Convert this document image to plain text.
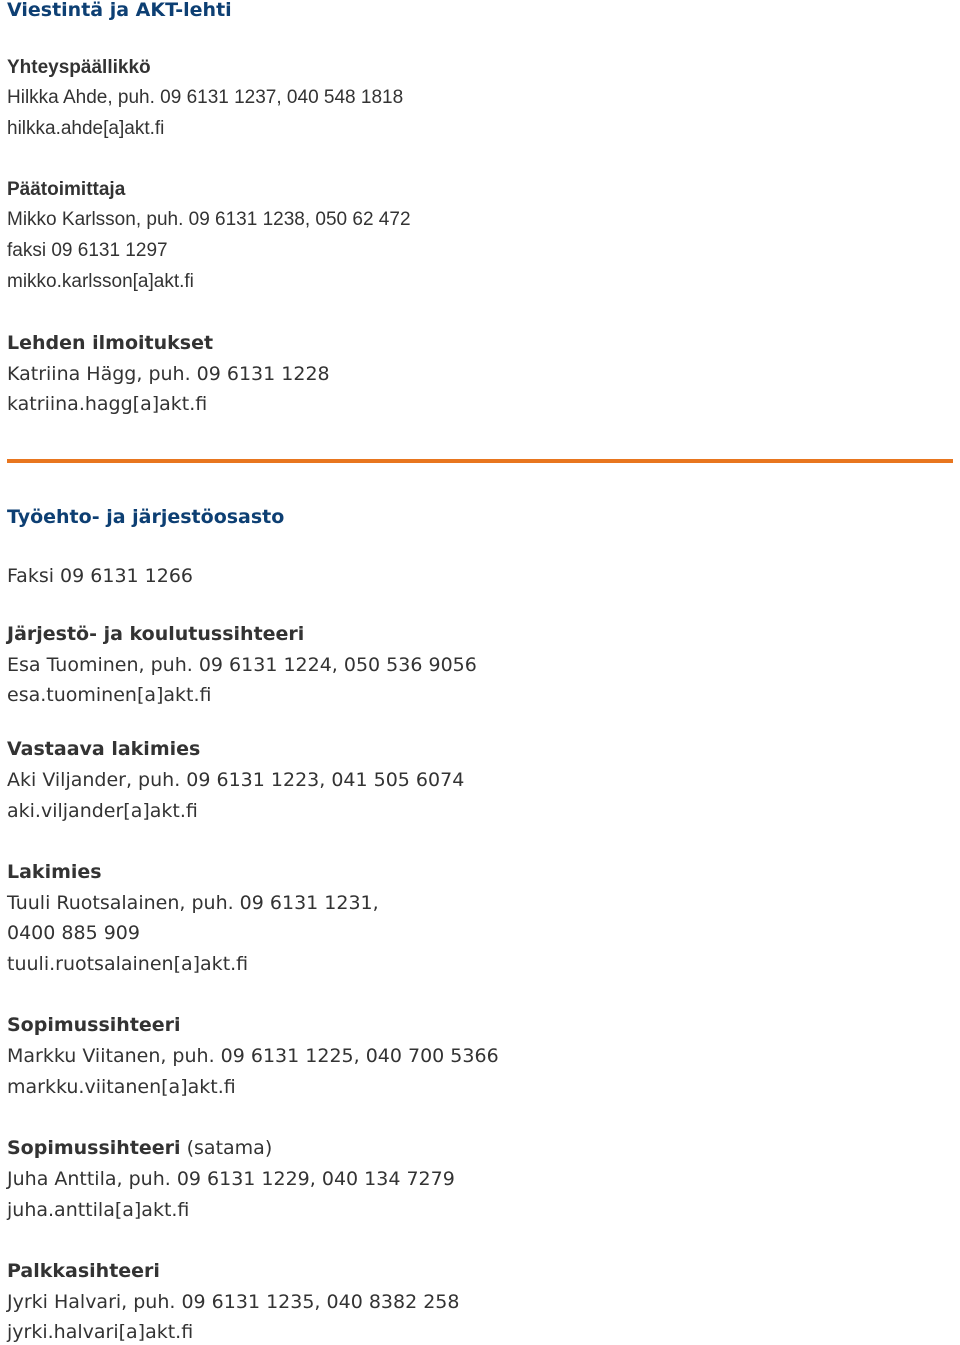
Viestintä ja AKT-lehti
Yhteyspäällikkö
Hilkka Ahde, puh. 09 6131 1237, 040 548 1818
hilkka.ahde[a]akt.fi
Päätoimittaja
Mikko Karlsson, puh. 09 6131 1238, 050 62 472
faksi 09 6131 1297
mikko.karlsson[a]akt.fi
Lehden ilmoitukset
Katriina Hägg, puh. 09 6131 1228
katriina.hagg[a]akt.fi
Työehto- ja järjestöosasto
Faksi 09 6131 1266
Järjestö- ja koulutussihteeri
Esa Tuominen, puh. 09 6131 1224, 050 536 9056
esa.tuominen[a]akt.fi
Vastaava lakimies
Aki Viljander, puh. 09 6131 1223, 041 505 6074
aki.viljander[a]akt.fi
Lakimies
Tuuli Ruotsalainen, puh. 09 6131 1231,
0400 885 909
tuuli.ruotsalainen[a]akt.fi
Sopimussihteeri
Markku Viitanen, puh. 09 6131 1225, 040 700 5366
markku.viitanen[a]akt.fi
Sopimussihteeri (satama)
Juha Anttila, puh. 09 6131 1229, 040 134 7279
juha.anttila[a]akt.fi
Palkkasihteeri
Jyrki Halvari, puh. 09 6131 1235, 040 8382 258
jyrki.halvari[a]akt.fi
